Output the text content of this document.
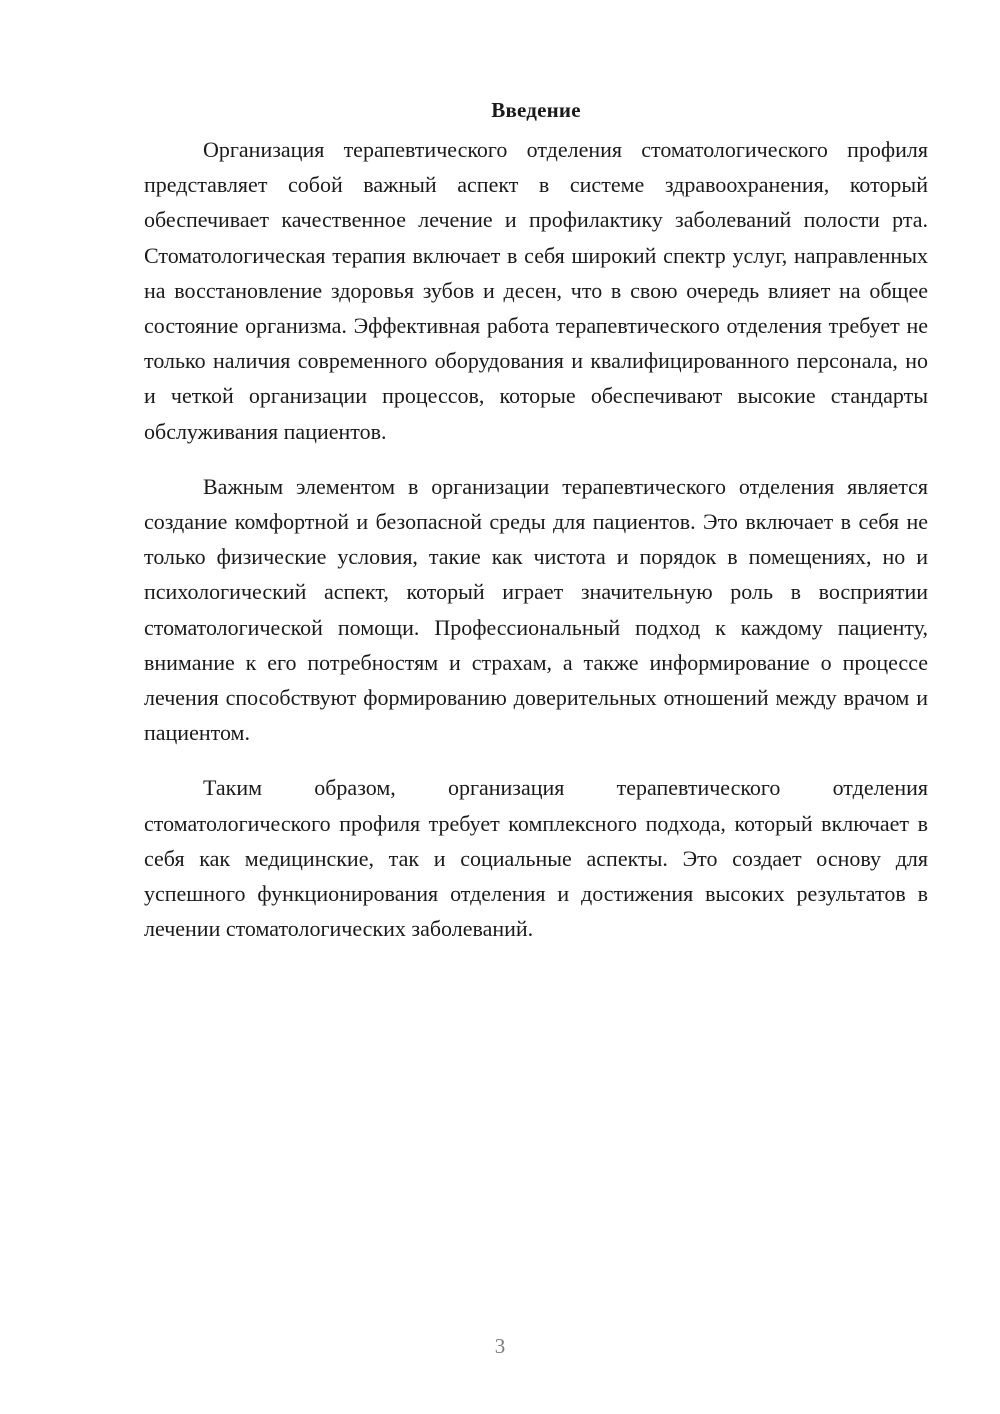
Введение

Организация терапевтического отделения стоматологического профиля представляет собой важный аспект в системе здравоохранения, который обеспечивает качественное лечение и профилактику заболеваний полости рта. Стоматологическая терапия включает в себя широкий спектр услуг, направленных на восстановление здоровья зубов и десен, что в свою очередь влияет на общее состояние организма. Эффективная работа терапевтического отделения требует не только наличия современного оборудования и квалифицированного персонала, но и четкой организации процессов, которые обеспечивают высокие стандарты обслуживания пациентов.

Важным элементом в организации терапевтического отделения является создание комфортной и безопасной среды для пациентов. Это включает в себя не только физические условия, такие как чистота и порядок в помещениях, но и психологический аспект, который играет значительную роль в восприятии стоматологической помощи. Профессиональный подход к каждому пациенту, внимание к его потребностям и страхам, а также информирование о процессе лечения способствуют формированию доверительных отношений между врачом и пациентом.

Таким образом, организация терапевтического отделения стоматологического профиля требует комплексного подхода, который включает в себя как медицинские, так и социальные аспекты. Это создает основу для успешного функционирования отделения и достижения высоких результатов в лечении стоматологических заболеваний.

3
